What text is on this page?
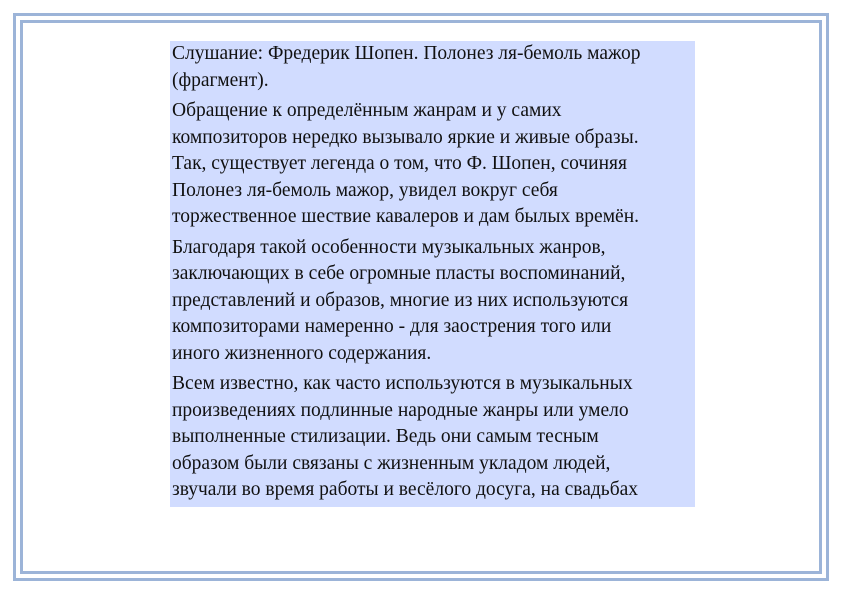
Слушание: Фредерик Шопен. Полонез ля-бемоль мажор
(фрагмент).

Обращение к определённым жанрам и у самих
композиторов нередко вызывало яркие и живые образы.
Так, существует легенда о том, что Ф. Шопен, сочиняя
Полонез ля-бемоль мажор, увидел вокруг себя
торжественное шествие кавалеров и дам былых времён.

Благодаря такой особенности музыкальных жанров,
заключающих в себе огромные пласты воспоминаний,
представлений и образов, многие из них используются
композиторами намеренно - для заострения того или
иного жизненного содержания.

Всем известно, как часто используются в музыкальных
произведениях подлинные народные жанры или умело
выполненные стилизации. Ведь они самым тесным
образом были связаны с жизненным укладом людей,
звучали во время работы и весёлого досуга, на свадьбах
